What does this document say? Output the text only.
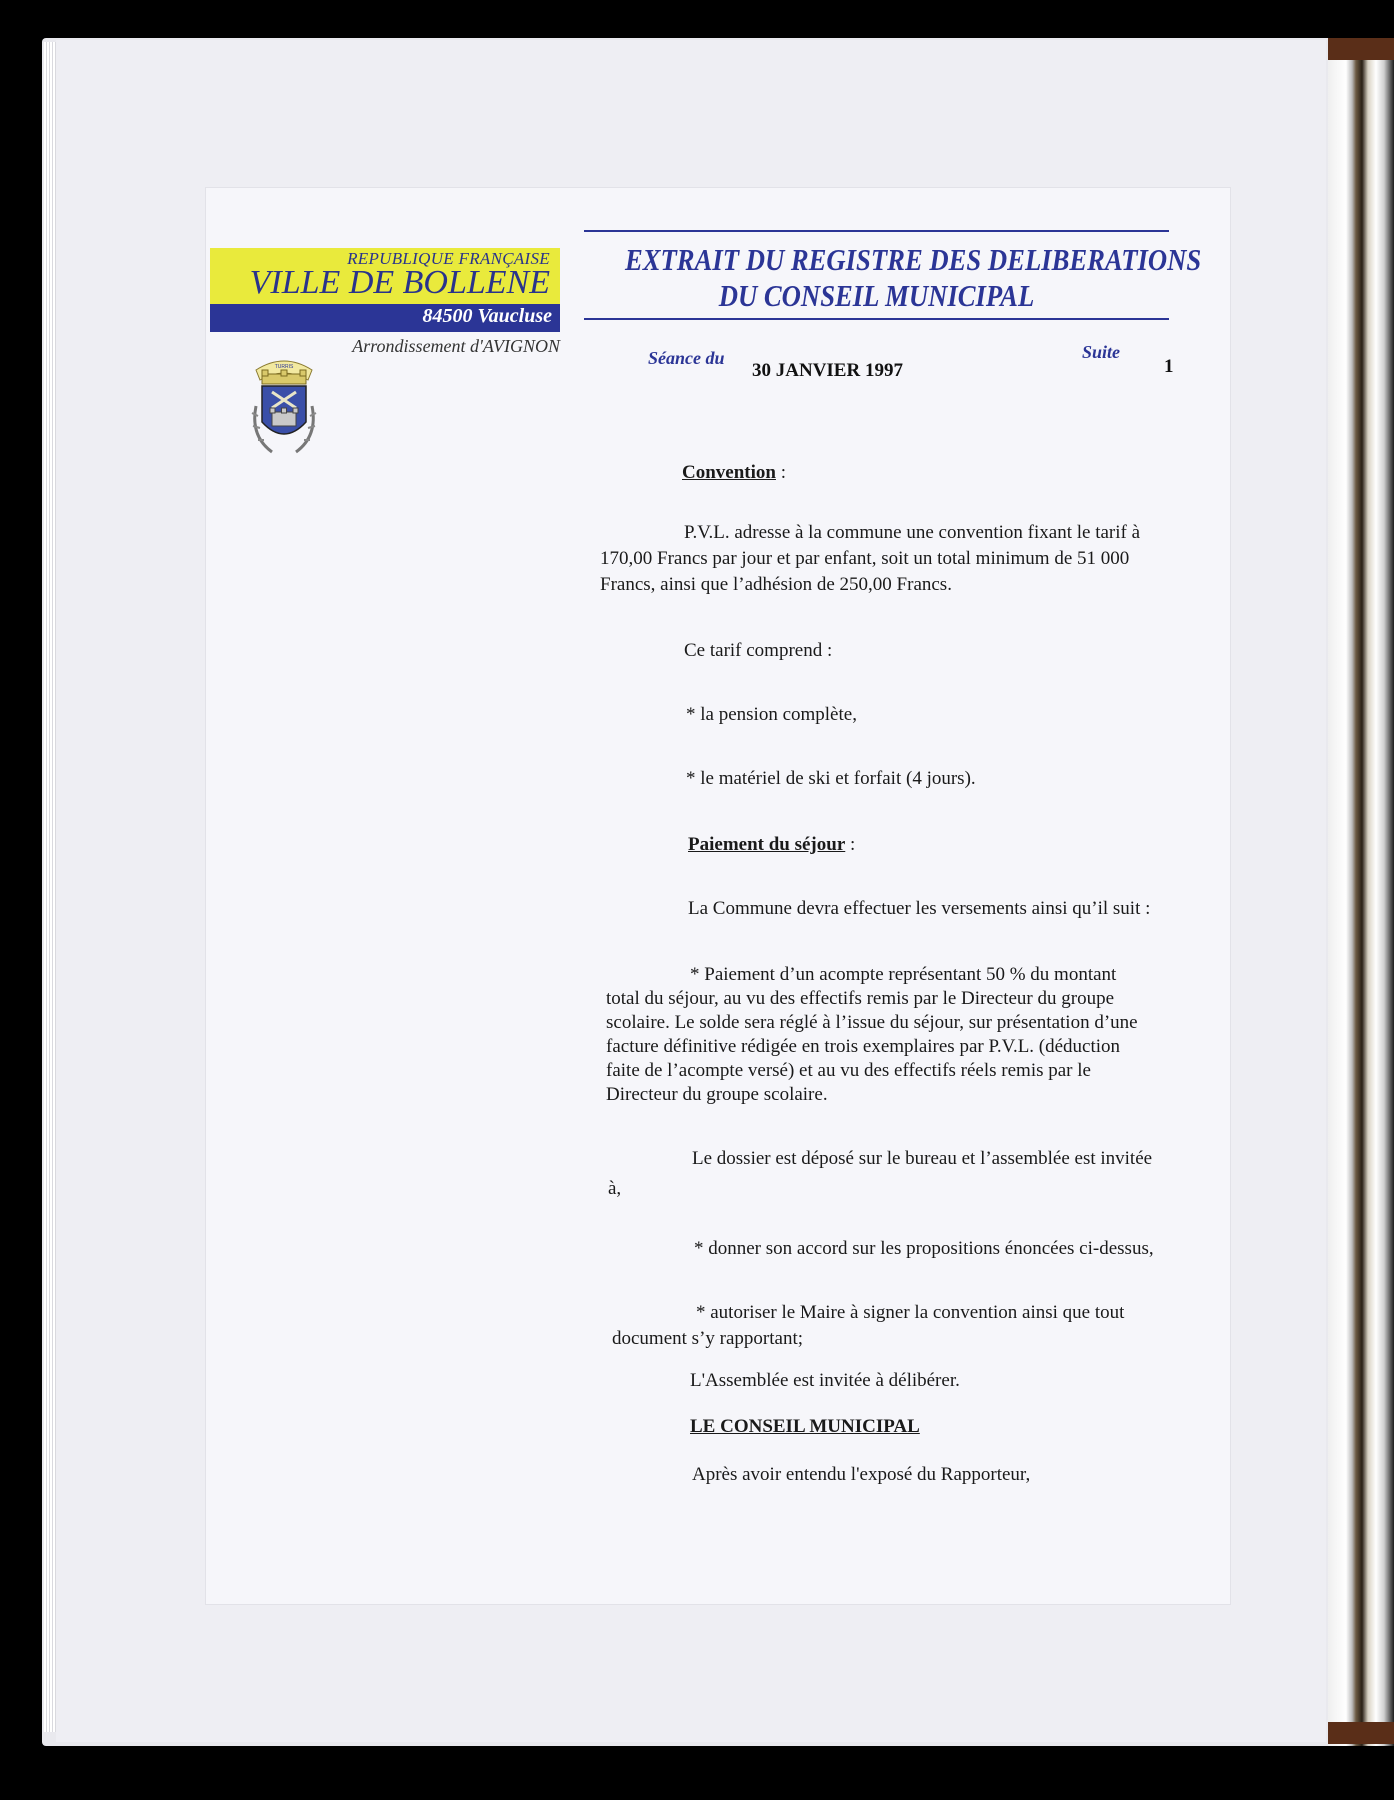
REPUBLIQUE FRANÇAISE
VILLE DE BOLLENE
84500 Vaucluse
Arrondissement d'AVIGNON
TURRIS
EXTRAIT DU REGISTRE DES DELIBERATIONS
DU CONSEIL MUNICIPAL
Séance du
30 JANVIER 1997
Suite
1
Convention :
P.V.L. adresse à la commune une convention fixant le tarif à
170,00 Francs par jour et par enfant, soit un total minimum de 51 000
Francs, ainsi que l’adhésion de 250,00 Francs.
Ce tarif comprend :
* la pension complète,
* le matériel de ski et forfait (4 jours).
Paiement du séjour :
La Commune devra effectuer les versements ainsi qu’il suit :
* Paiement d’un acompte représentant 50 % du montant
total du séjour, au vu des effectifs remis par le Directeur du groupe
scolaire. Le solde sera réglé à l’issue du séjour, sur présentation d’une
facture définitive rédigée en trois exemplaires par P.V.L. (déduction
faite de l’acompte versé) et au vu des effectifs réels remis par le
Directeur du groupe scolaire.
Le dossier est déposé sur le bureau et l’assemblée est invitée
à,
* donner son accord sur les propositions énoncées ci-dessus,
* autoriser le Maire à signer la convention ainsi que tout
document s’y rapportant;
L'Assemblée est invitée à délibérer.
LE CONSEIL MUNICIPAL
Après avoir entendu l'exposé du Rapporteur,
